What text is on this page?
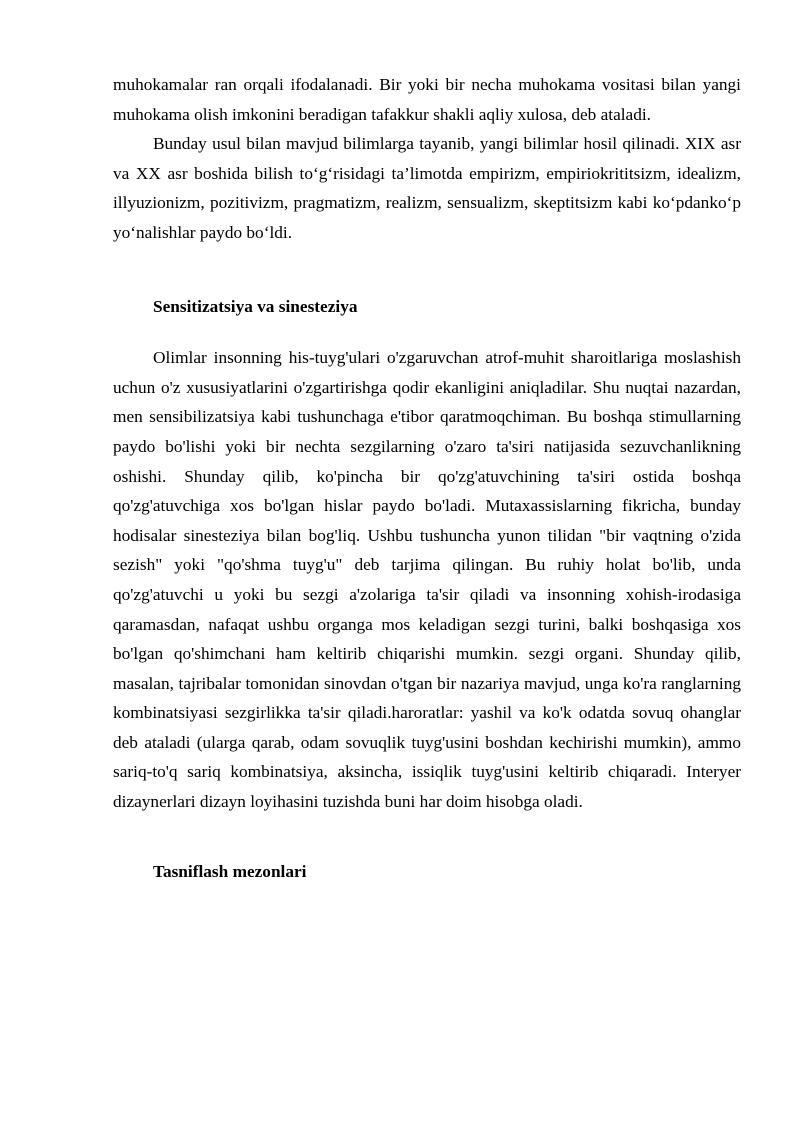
muhokamalar ran orqali ifodalanadi. Bir yoki bir necha muhokama vositasi bilan yangi muhokama olish imkonini beradigan tafakkur shakli aqliy xulosa, deb ataladi.

Bunday usul bilan mavjud bilimlarga tayanib, yangi bilimlar hosil qilinadi. XIX asr va XX asr boshida bilish to‘g‘risidagi ta’limotda empirizm, empiriokrititsizm, idealizm, illyuzionizm, pozitivizm, pragmatizm, realizm, sensualizm, skeptitsizm kabi ko‘pdanko‘p yo‘nalishlar paydo bo‘ldi.

Sensitizatsiya va sinesteziya

Olimlar insonning his-tuyg'ulari o'zgaruvchan atrof-muhit sharoitlariga moslashish uchun o'z xususiyatlarini o'zgartirishga qodir ekanligini aniqladilar. Shu nuqtai nazardan, men sensibilizatsiya kabi tushunchaga e'tibor qaratmoqchiman. Bu boshqa stimullarning paydo bo'lishi yoki bir nechta sezgilarning o'zaro ta'siri natijasida sezuvchanlikning oshishi. Shunday qilib, ko'pincha bir qo'zg'atuvchining ta'siri ostida boshqa qo'zg'atuvchiga xos bo'lgan hislar paydo bo'ladi. Mutaxassislarning fikricha, bunday hodisalar sinesteziya bilan bog'liq. Ushbu tushuncha yunon tilidan "bir vaqtning o'zida sezish" yoki "qo'shma tuyg'u" deb tarjima qilingan. Bu ruhiy holat bo'lib, unda qo'zg'atuvchi u yoki bu sezgi a'zolariga ta'sir qiladi va insonning xohish-irodasiga qaramasdan, nafaqat ushbu organga mos keladigan sezgi turini, balki boshqasiga xos bo'lgan qo'shimchani ham keltirib chiqarishi mumkin. sezgi organi. Shunday qilib, masalan, tajribalar tomonidan sinovdan o'tgan bir nazariya mavjud, unga ko'ra ranglarning kombinatsiyasi sezgirlikka ta'sir qiladi.haroratlar: yashil va ko'k odatda sovuq ohanglar deb ataladi (ularga qarab, odam sovuqlik tuyg'usini boshdan kechirishi mumkin), ammo sariq-to'q sariq kombinatsiya, aksincha, issiqlik tuyg'usini keltirib chiqaradi. Interyer dizaynerlari dizayn loyihasini tuzishda buni har doim hisobga oladi.

Tasniflash mezonlari
